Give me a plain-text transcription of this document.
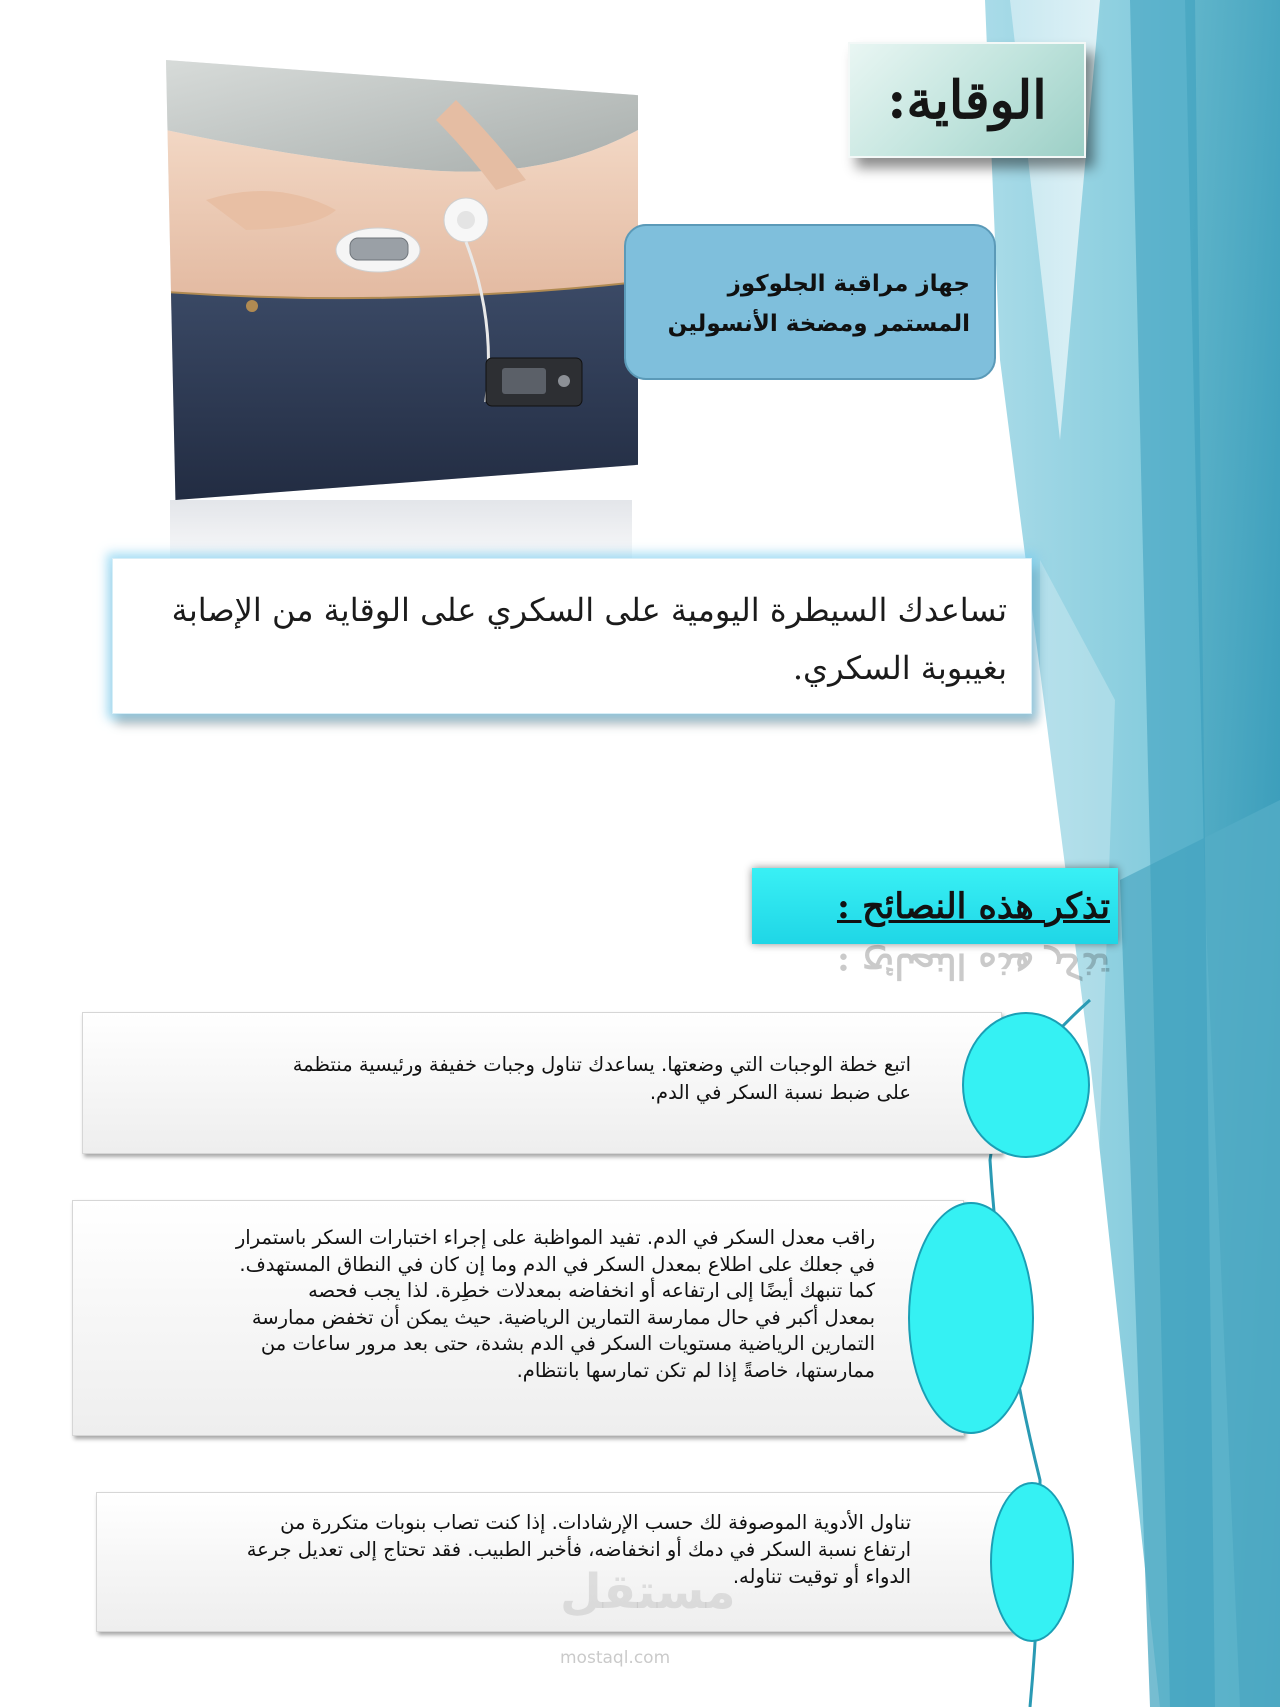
الوقاية:
جهاز مراقبة الجلوكوز
المستمر ومضخة الأنسولين

تساعدك السيطرة اليومية على السكري على الوقاية من الإصابة

بغيبوبة السكري.

تذكر هذه النصائح :
تذكر هذه النصائح :

اتبع خطة الوجبات التي وضعتها. يساعدك تناول وجبات خفيفة ورئيسية منتظمة

على ضبط نسبة السكر في الدم.

راقب معدل السكر في الدم. تفيد المواظبة على إجراء اختبارات السكر باستمرار

في جعلك على اطلاع بمعدل السكر في الدم وما إن كان في النطاق المستهدف.

كما تنبهك أيضًا إلى ارتفاعه أو انخفاضه بمعدلات خطِرة. لذا يجب فحصه

بمعدل أكبر في حال ممارسة التمارين الرياضية. حيث يمكن أن تخفض ممارسة

التمارين الرياضية مستويات السكر في الدم بشدة، حتى بعد مرور ساعات من

ممارستها، خاصةً إذا لم تكن تمارسها بانتظام.

تناول الأدوية الموصوفة لك حسب الإرشادات. إذا كنت تصاب بنوبات متكررة من

ارتفاع نسبة السكر في دمك أو انخفاضه، فأخبر الطبيب. فقد تحتاج إلى تعديل جرعة

الدواء أو توقيت تناوله.

مستقل
mostaql.com
